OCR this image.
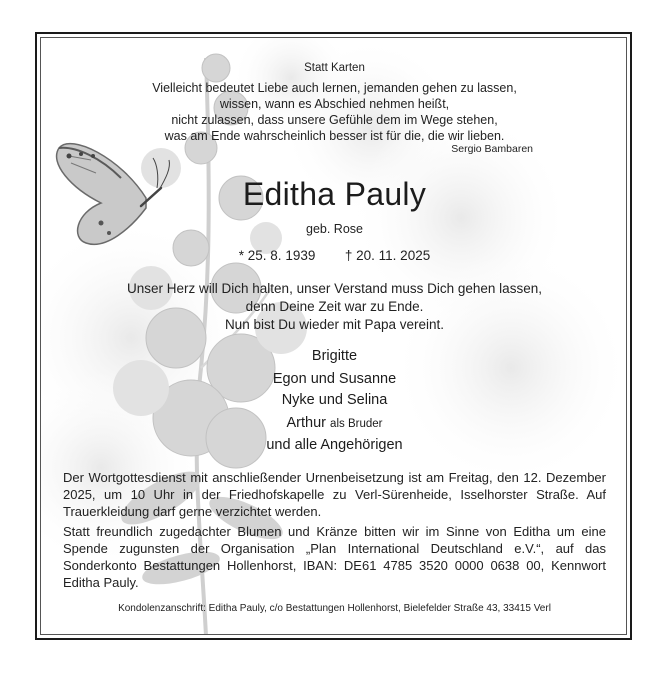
Statt Karten
Vielleicht bedeutet Liebe auch lernen, jemanden gehen zu lassen,
wissen, wann es Abschied nehmen heißt,
nicht zulassen, dass unsere Gefühle dem im Wege stehen,
was am Ende wahrscheinlich besser ist für die, die wir lieben.
Sergio Bambaren
Editha Pauly
geb. Rose
* 25. 8. 1939 † 20. 11. 2025
Unser Herz will Dich halten, unser Verstand muss Dich gehen lassen,
denn Deine Zeit war zu Ende.
Nun bist Du wieder mit Papa vereint.
Brigitte
Egon und Susanne
Nyke und Selina
Arthur als Bruder
und alle Angehörigen
Der Wortgottesdienst mit anschließender Urnenbeisetzung ist am Freitag, den 12. Dezember 2025, um 10 Uhr in der Friedhofskapelle zu Verl-Sürenheide, Isselhorster Straße. Auf Trauerkleidung darf gerne verzichtet werden.
Statt freundlich zugedachter Blumen und Kränze bitten wir im Sinne von Editha um eine Spende zugunsten der Organisation „Plan International Deutschland e.V.“, auf das Sonderkonto Bestattungen Hollenhorst, IBAN: DE61 4785 3520 0000 0638 00, Kennwort Editha Pauly.
Kondolenzanschrift: Editha Pauly, c/o Bestattungen Hollenhorst, Bielefelder Straße 43, 33415 Verl
